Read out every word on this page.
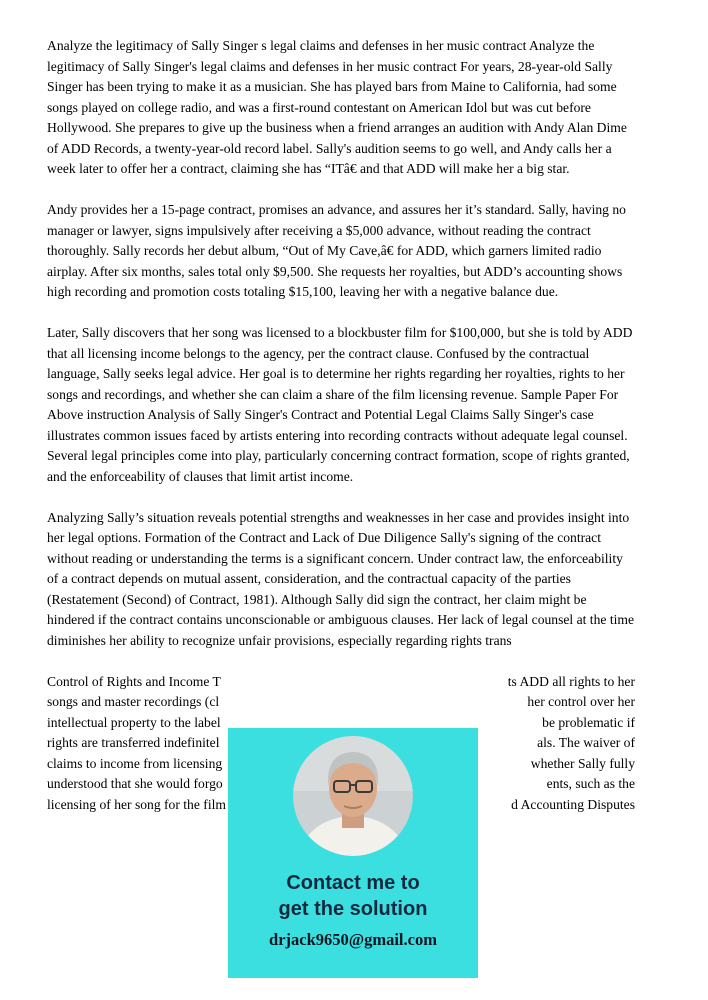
Analyze the legitimacy of Sally Singer s legal claims and defenses in her music contract Analyze the legitimacy of Sally Singer's legal claims and defenses in her music contract For years, 28-year-old Sally Singer has been trying to make it as a musician. She has played bars from Maine to California, had some songs played on college radio, and was a first-round contestant on American Idol but was cut before Hollywood. She prepares to give up the business when a friend arranges an audition with Andy Alan Dime of ADD Records, a twenty-year-old record label. Sally's audition seems to go well, and Andy calls her a week later to offer her a contract, claiming she has “ITâ€ and that ADD will make her a big star.

Andy provides her a 15-page contract, promises an advance, and assures her it’s standard. Sally, having no manager or lawyer, signs impulsively after receiving a $5,000 advance, without reading the contract thoroughly. Sally records her debut album, “Out of My Cave,â€ for ADD, which garners limited radio airplay. After six months, sales total only $9,500. She requests her royalties, but ADD’s accounting shows high recording and promotion costs totaling $15,100, leaving her with a negative balance due.

Later, Sally discovers that her song was licensed to a blockbuster film for $100,000, but she is told by ADD that all licensing income belongs to the agency, per the contract clause. Confused by the contractual language, Sally seeks legal advice. Her goal is to determine her rights regarding her royalties, rights to her songs and recordings, and whether she can claim a share of the film licensing revenue. Sample Paper For Above instruction Analysis of Sally Singer's Contract and Potential Legal Claims Sally Singer's case illustrates common issues faced by artists entering into recording contracts without adequate legal counsel. Several legal principles come into play, particularly concerning contract formation, scope of rights granted, and the enforceability of clauses that limit artist income.

Analyzing Sally’s situation reveals potential strengths and weaknesses in her case and provides insight into her legal options. Formation of the Contract and Lack of Due Diligence Sally's signing of the contract without reading or understanding the terms is a significant concern. Under contract law, the enforceability of a contract depends on mutual assent, consideration, and the contractual capacity of the parties (Restatement (Second) of Contract, 1981). Although Sally did sign the contract, her claim might be hindered if the contract contains unconscionable or ambiguous clauses. Her lack of legal counsel at the time diminishes her ability to recognize unfair provisions, especially regarding rights trans

Control of Rights and Income T	ts ADD all rights to her
songs and master recordings (cl	her control over her
intellectual property to the label	be problematic if
rights are transferred indefinitel	als. The waiver of
claims to income from licensing	whether Sally fully
understood that she would forgo	ents, such as the
licensing of her song for the film	d Accounting Disputes
Contact me to
get the solution
drjack9650@gmail.com
